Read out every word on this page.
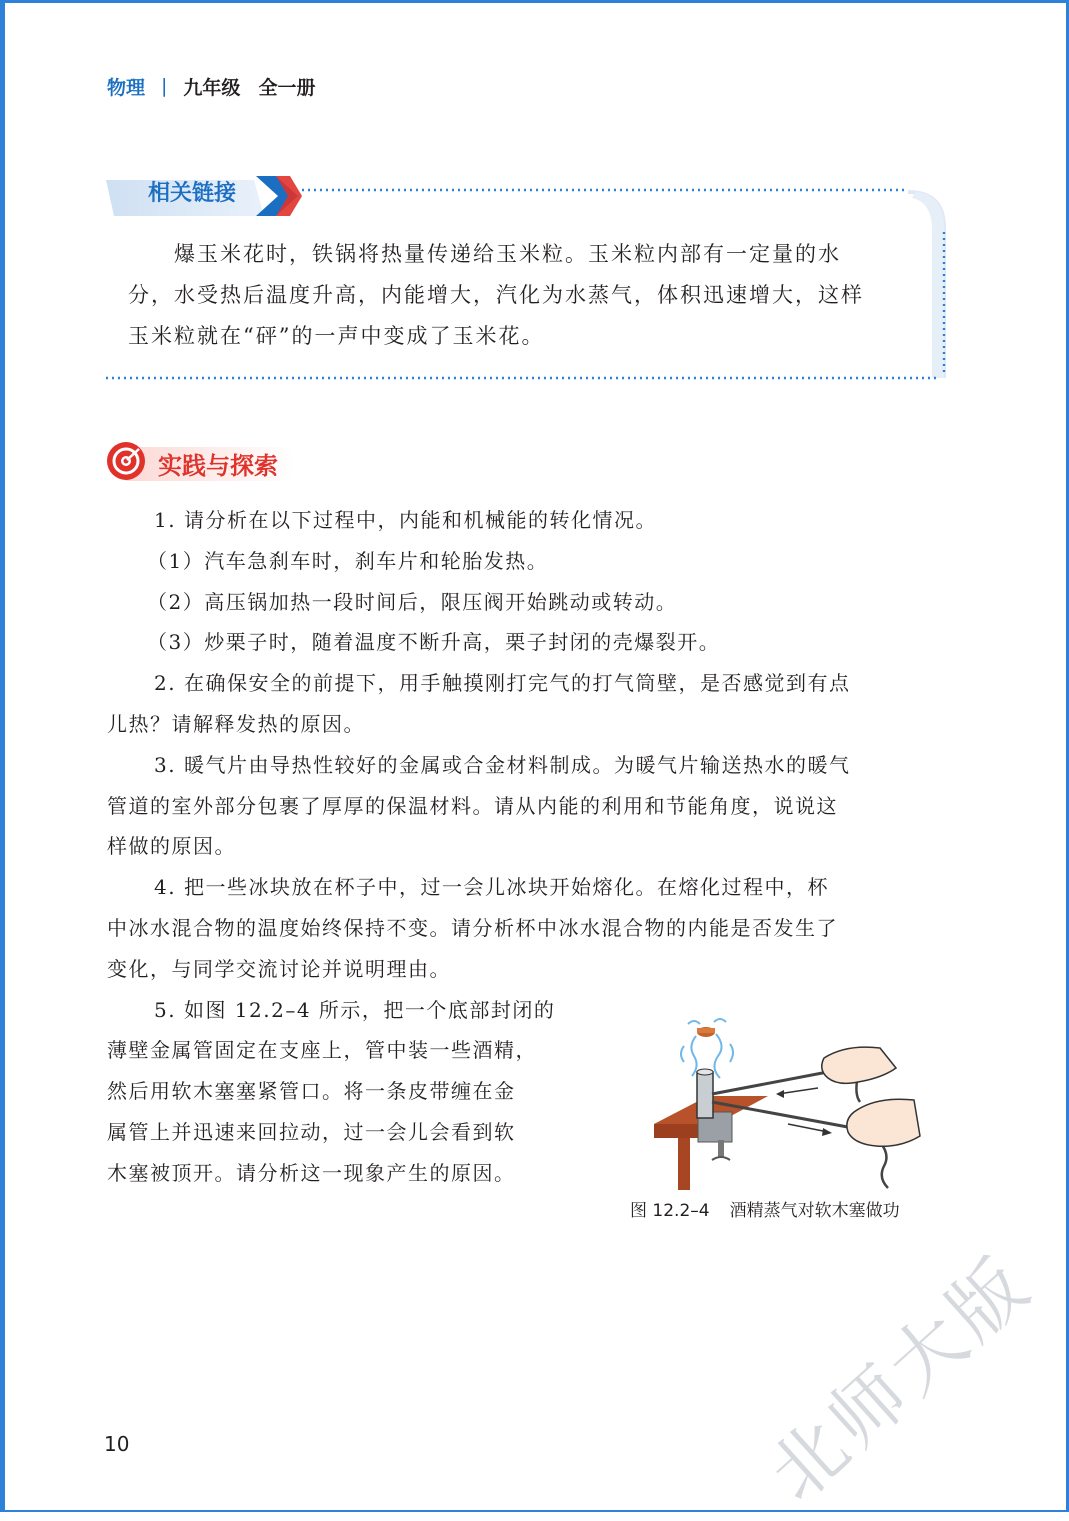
物理 | 九年级 全一册
相关链接
爆玉米花时，铁锅将热量传递给玉米粒。玉米粒内部有一定量的水
分，水受热后温度升高，内能增大，汽化为水蒸气，体积迅速增大，这样
玉米粒就在“砰”的一声中变成了玉米花。
实践与探索
1. 请分析在以下过程中，内能和机械能的转化情况。
（1）汽车急刹车时，刹车片和轮胎发热。
（2）高压锅加热一段时间后，限压阀开始跳动或转动。
（3）炒栗子时，随着温度不断升高，栗子封闭的壳爆裂开。
2. 在确保安全的前提下，用手触摸刚打完气的打气筒壁，是否感觉到有点
儿热？请解释发热的原因。
3. 暖气片由导热性较好的金属或合金材料制成。为暖气片输送热水的暖气
管道的室外部分包裹了厚厚的保温材料。请从内能的利用和节能角度，说说这
样做的原因。
4. 把一些冰块放在杯子中，过一会儿冰块开始熔化。在熔化过程中，杯
中冰水混合物的温度始终保持不变。请分析杯中冰水混合物的内能是否发生了
变化，与同学交流讨论并说明理由。
5. 如图 12.2–4 所示，把一个底部封闭的
薄壁金属管固定在支座上，管中装一些酒精，
然后用软木塞塞紧管口。将一条皮带缠在金
属管上并迅速来回拉动，过一会儿会看到软
木塞被顶开。请分析这一现象产生的原因。
图 12.2–4 酒精蒸气对软木塞做功
10	北师大版
